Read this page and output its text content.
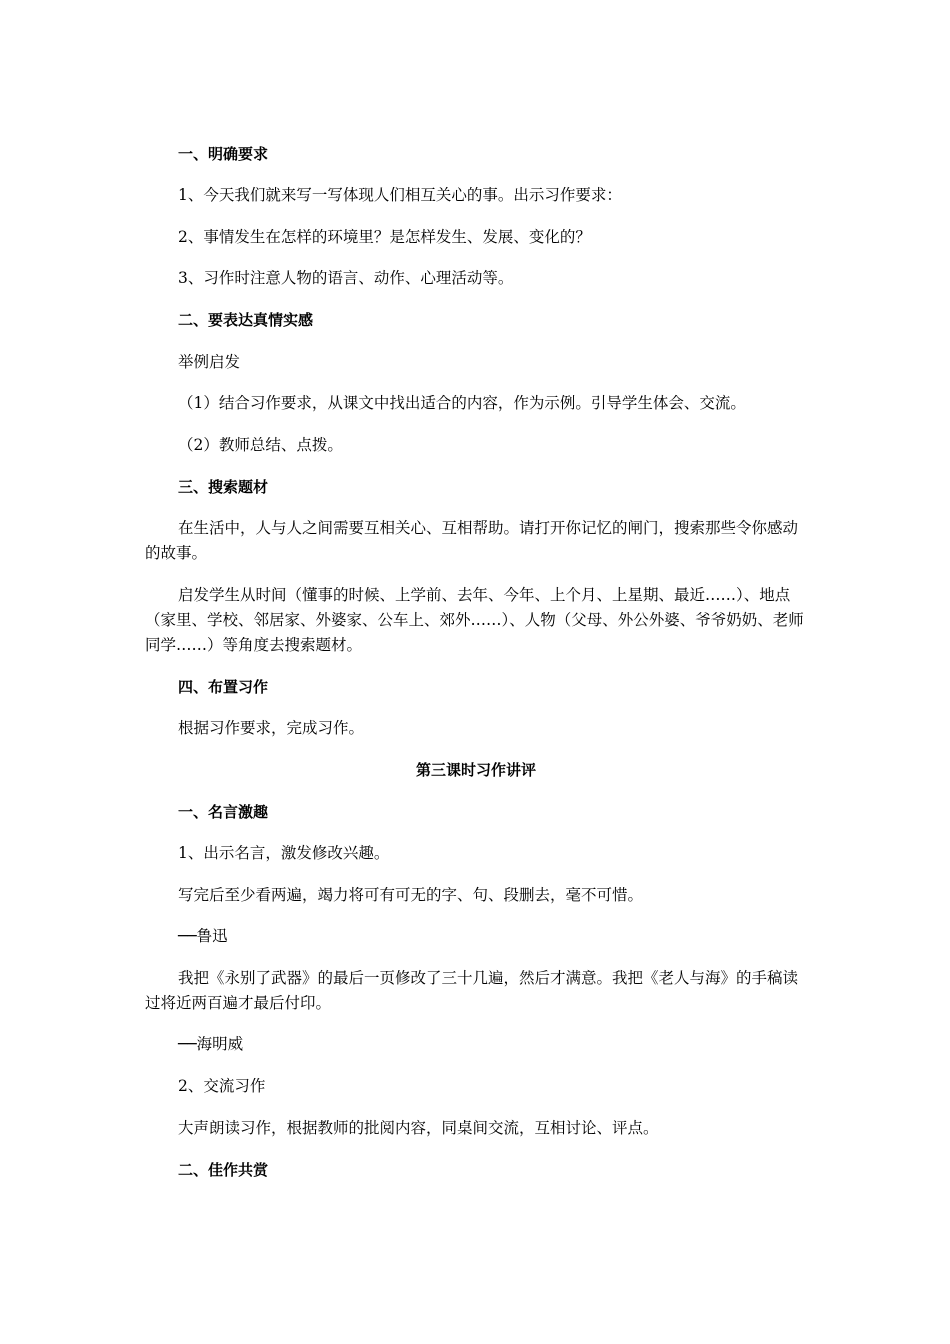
一、明确要求
1、今天我们就来写一写体现人们相互关心的事。出示习作要求：
2、事情发生在怎样的环境里？是怎样发生、发展、变化的？
3、习作时注意人物的语言、动作、心理活动等。
二、要表达真情实感
举例启发
（1）结合习作要求，从课文中找出适合的内容，作为示例。引导学生体会、交流。
（2）教师总结、点拨。
三、搜索题材
在生活中，人与人之间需要互相关心、互相帮助。请打开你记忆的闸门，搜索那些令你感动的故事。
启发学生从时间（懂事的时候、上学前、去年、今年、上个月、上星期、最近……）、地点（家里、学校、邻居家、外婆家、公车上、郊外……）、人物（父母、外公外婆、爷爷奶奶、老师同学……）等角度去搜索题材。
四、布置习作
根据习作要求，完成习作。
第三课时习作讲评
一、名言激趣
1、出示名言，激发修改兴趣。
写完后至少看两遍，竭力将可有可无的字、句、段删去，毫不可惜。
──鲁迅
我把《永别了武器》的最后一页修改了三十几遍，然后才满意。我把《老人与海》的手稿读过将近两百遍才最后付印。
──海明威
2、交流习作
大声朗读习作，根据教师的批阅内容，同桌间交流，互相讨论、评点。
二、佳作共赏
